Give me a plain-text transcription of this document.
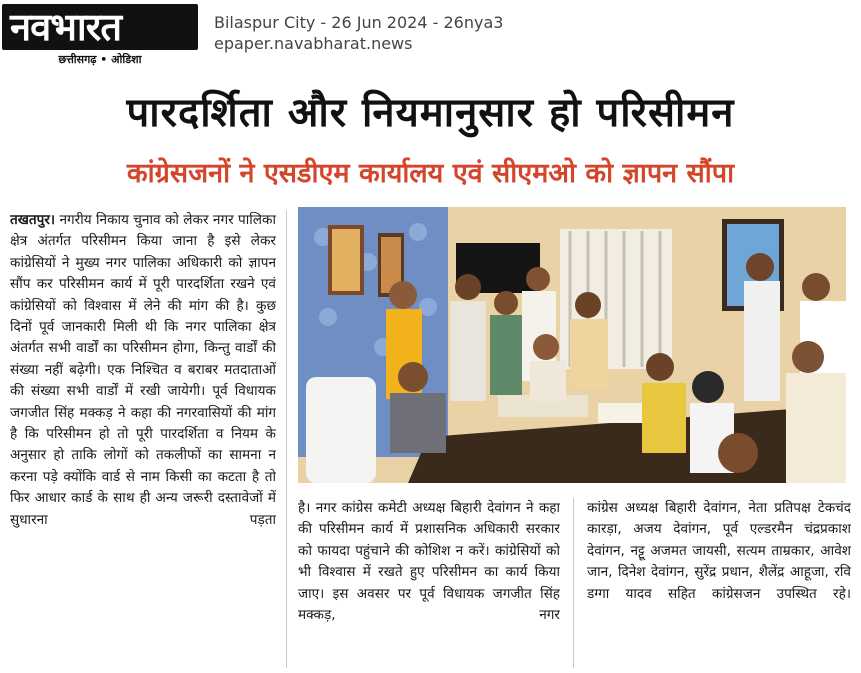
नवभारत
छत्तीसगढ़ • ओडिशा
Bilaspur City - 26 Jun 2024 - 26nya3
epaper.navabharat.news
पारदर्शिता और नियमानुसार हो परिसीमन
कांग्रेसजनों ने एसडीएम कार्यालय एवं सीएमओ को ज्ञापन सौंपा
तखतपुर। नगरीय निकाय चुनाव को लेकर नगर पालिका क्षेत्र अंतर्गत परिसीमन किया जाना है इसे लेकर कांग्रेसियों ने मुख्य नगर पालिका अधिकारी को ज्ञापन सौंप कर परिसीमन कार्य में पूरी पारदर्शिता रखने एवं कांग्रेसियों को विश्वास में लेने की मांग की है। कुछ दिनों पूर्व जानकारी मिली थी कि नगर पालिका क्षेत्र अंतर्गत सभी वार्डों का परिसीमन होगा, किन्तु वार्डों की संख्या नहीं बढ़ेगी। एक निश्चित व बराबर मतदाताओं की संख्या सभी वार्डों में रखी जायेगी। पूर्व विधायक जगजीत सिंह मक्कड़ ने कहा की नगरवासियों की मांग है कि परिसीमन हो तो पूरी पारदर्शिता व नियम के अनुसार हो ताकि लोगों को तकलीफों का सामना न करना पड़े क्योंकि वार्ड से नाम किसी का कटता है तो फिर आधार कार्ड के साथ ही अन्य जरूरी दस्तावेजों में सुधारना पड़ता
है। नगर कांग्रेस कमेटी अध्यक्ष बिहारी देवांगन ने कहा की परिसीमन कार्य में प्रशासनिक अधिकारी सरकार को फायदा पहुंचाने की कोशिश न करें। कांग्रेसियों को भी विश्वास में रखते हुए परिसीमन का कार्य किया जाए। इस अवसर पर पूर्व विधायक जगजीत सिंह मक्कड़, नगर
कांग्रेस अध्यक्ष बिहारी देवांगन, नेता प्रतिपक्ष टेकचंद कारड़ा, अजय देवांगन, पूर्व एल्डरमैन चंद्रप्रकाश देवांगन, नट्टू अजमत जायसी, सत्यम ताम्रकार, आवेश जान, दिनेश देवांगन, सुरेंद्र प्रधान, शैलेंद्र आहूजा, रवि डग्गा यादव सहित कांग्रेसजन उपस्थित रहे।
